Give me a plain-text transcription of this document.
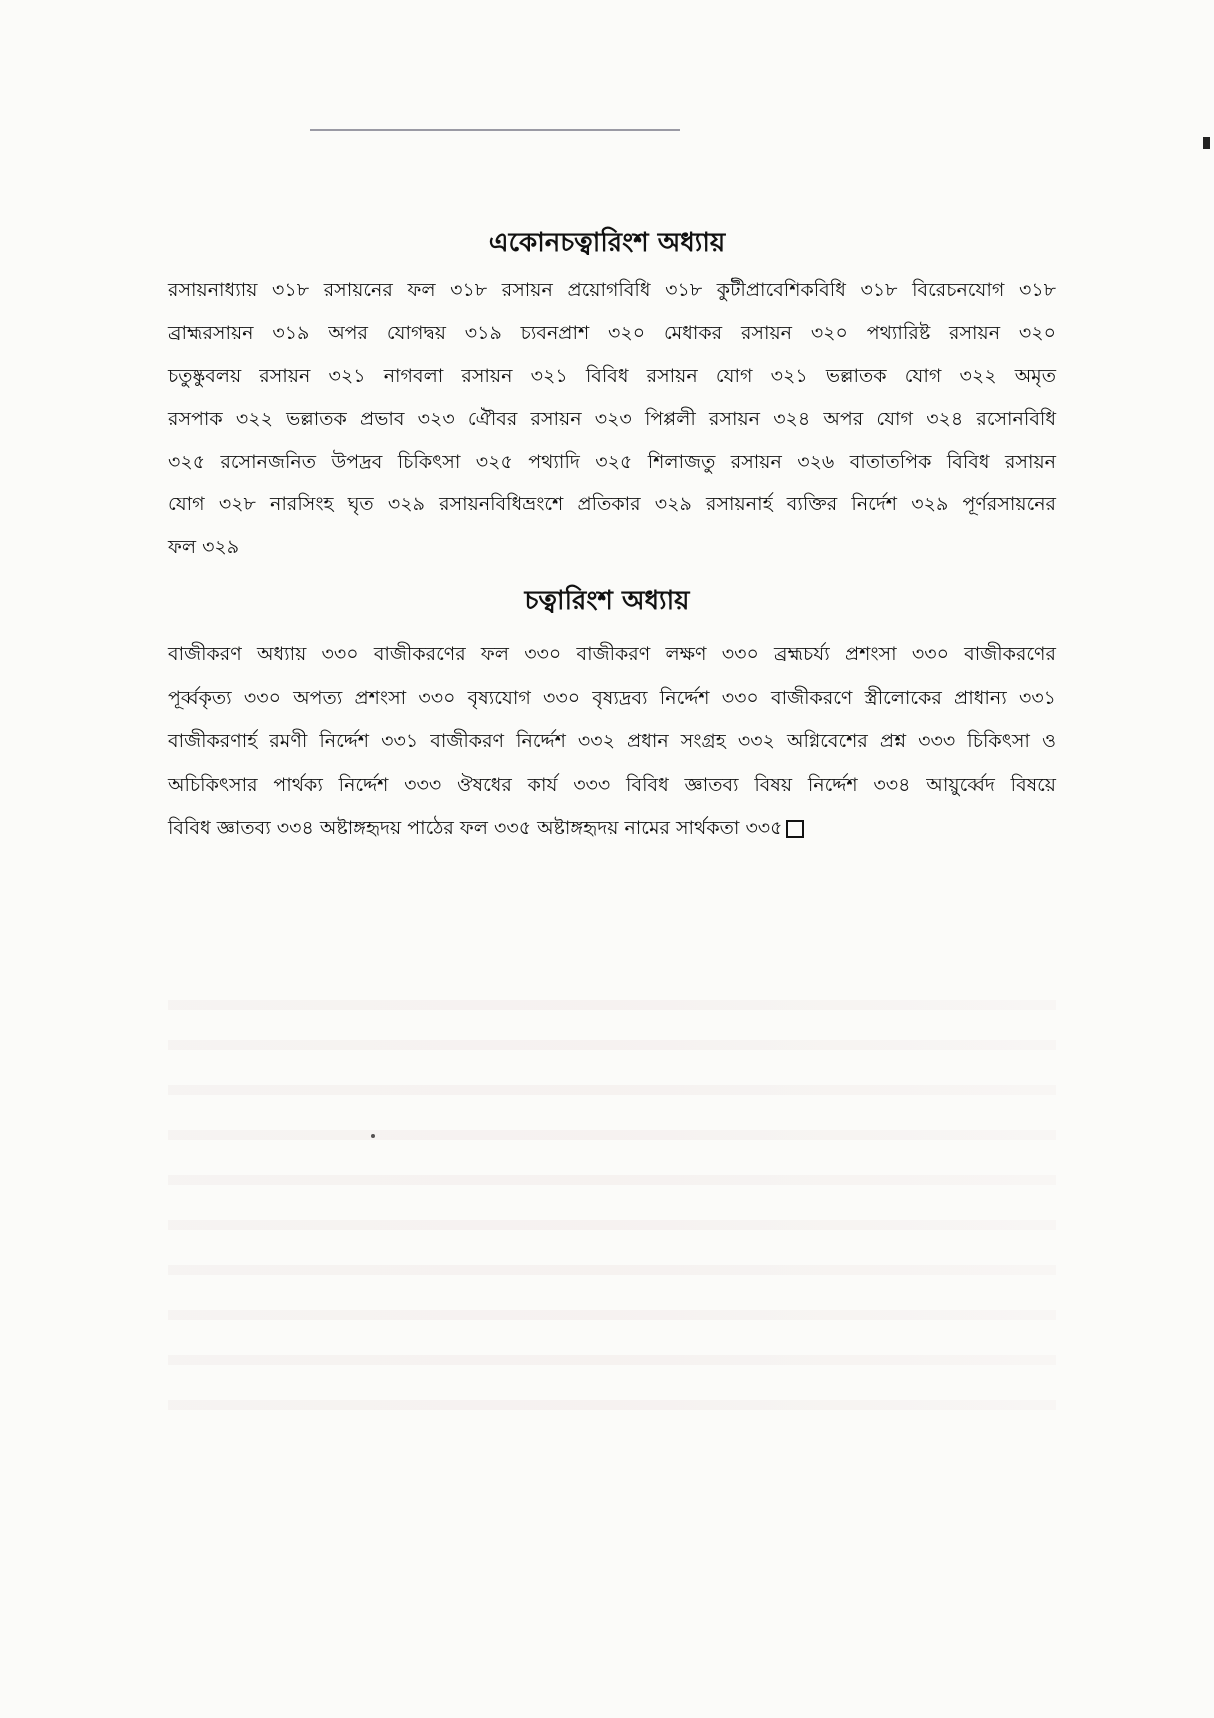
একোনচত্বারিংশ অধ্যায়
রসায়নাধ্যায় ৩১৮ রসায়নের ফল ৩১৮ রসায়ন প্রয়োগবিধি ৩১৮ কুটীপ্রাবেশিকবিধি ৩১৮ বিরেচনযোগ ৩১৮
ব্রাহ্মরসায়ন ৩১৯ অপর যোগদ্বয় ৩১৯ চ্যবনপ্রাশ ৩২০ মেধাকর রসায়ন ৩২০ পথ্যারিষ্ট রসায়ন ৩২০
চতুষ্কুবলয় রসায়ন ৩২১ নাগবলা রসায়ন ৩২১ বিবিধ রসায়ন যোগ ৩২১ ভল্লাতক যোগ ৩২২ অমৃত
রসপাক ৩২২ ভল্লাতক প্রভাব ৩২৩ ঐৌবর রসায়ন ৩২৩ পিপ্পলী রসায়ন ৩২৪ অপর যোগ ৩২৪ রসোনবিধি
৩২৫ রসোনজনিত উপদ্রব চিকিৎসা ৩২৫ পথ্যাদি ৩২৫ শিলাজতু রসায়ন ৩২৬ বাতাতপিক বিবিধ রসায়ন
যোগ ৩২৮ নারসিংহ ঘৃত ৩২৯ রসায়নবিধিভ্রংশে প্রতিকার ৩২৯ রসায়নার্হ ব্যক্তির নির্দেশ ৩২৯ পূর্ণরসায়নের
ফল ৩২৯
চত্বারিংশ অধ্যায়
বাজীকরণ অধ্যায় ৩৩০ বাজীকরণের ফল ৩৩০ বাজীকরণ লক্ষণ ৩৩০ ব্রহ্মচর্য্য প্রশংসা ৩৩০ বাজীকরণের
পূর্ব্বকৃত্য ৩৩০ অপত্য প্রশংসা ৩৩০ বৃষ্যযোগ ৩৩০ বৃষ্যদ্রব্য নির্দ্দেশ ৩৩০ বাজীকরণে স্ত্রীলোকের প্রাধান্য ৩৩১
বাজীকরণার্হ রমণী নির্দ্দেশ ৩৩১ বাজীকরণ নির্দ্দেশ ৩৩২ প্রধান সংগ্রহ ৩৩২ অগ্নিবেশের প্রশ্ন ৩৩৩ চিকিৎসা ও
অচিকিৎসার পার্থক্য নির্দ্দেশ ৩৩৩ ঔষধের কার্য ৩৩৩ বিবিধ জ্ঞাতব্য বিষয় নির্দ্দেশ ৩৩৪ আয়ুর্ব্বেদ বিষয়ে
বিবিধ জ্ঞাতব্য ৩৩৪ অষ্টাঙ্গহৃদয় পাঠের ফল ৩৩৫ অষ্টাঙ্গহৃদয় নামের সার্থকতা ৩৩৫
